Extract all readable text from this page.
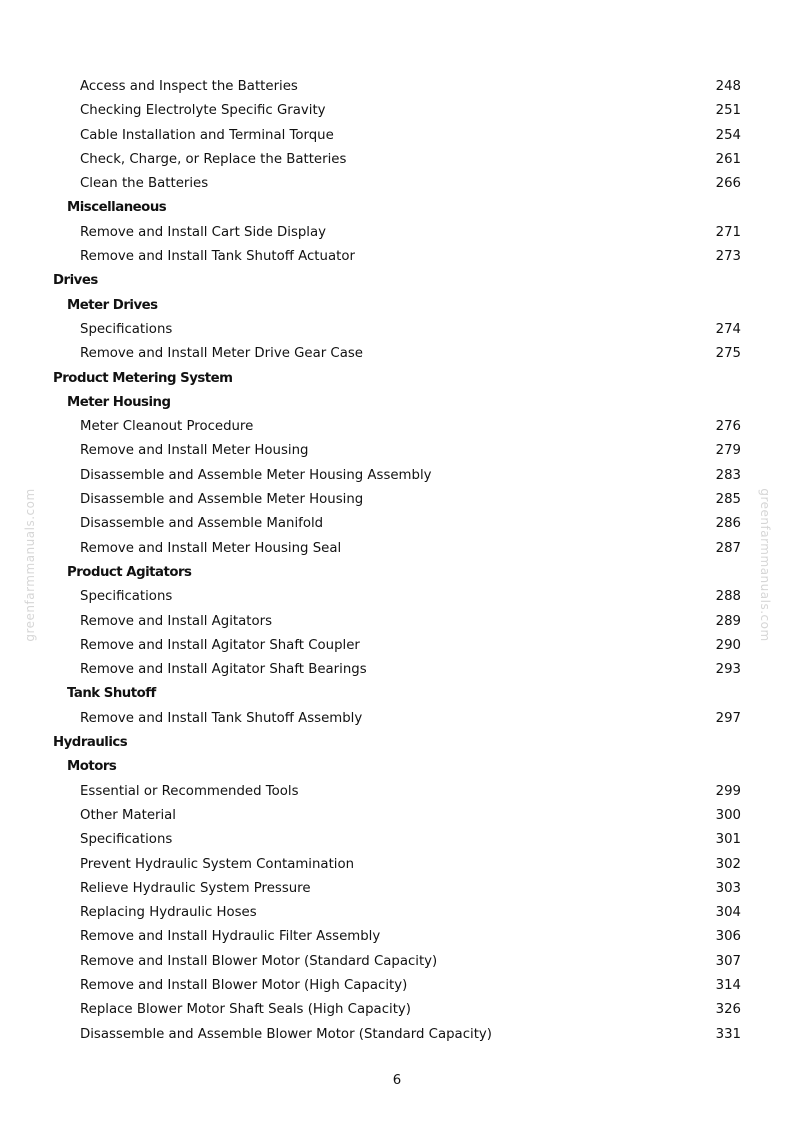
Access and Inspect the Batteries	248
Checking Electrolyte Specific Gravity	251
Cable Installation and Terminal Torque	254
Check, Charge, or Replace the Batteries	261
Clean the Batteries	266
Miscellaneous
Remove and Install Cart Side Display	271
Remove and Install Tank Shutoff Actuator	273
Drives
Meter Drives
Specifications	274
Remove and Install Meter Drive Gear Case	275
Product Metering System
Meter Housing
Meter Cleanout Procedure	276
Remove and Install Meter Housing	279
Disassemble and Assemble Meter Housing Assembly	283
Disassemble and Assemble Meter Housing	285
Disassemble and Assemble Manifold	286
Remove and Install Meter Housing Seal	287
Product Agitators
Specifications	288
Remove and Install Agitators	289
Remove and Install Agitator Shaft Coupler	290
Remove and Install Agitator Shaft Bearings	293
Tank Shutoff
Remove and Install Tank Shutoff Assembly	297
Hydraulics
Motors
Essential or Recommended Tools	299
Other Material	300
Specifications	301
Prevent Hydraulic System Contamination	302
Relieve Hydraulic System Pressure	303
Replacing Hydraulic Hoses	304
Remove and Install Hydraulic Filter Assembly	306
Remove and Install Blower Motor (Standard Capacity)	307
Remove and Install Blower Motor (High Capacity)	314
Replace Blower Motor Shaft Seals (High Capacity)	326
Disassemble and Assemble Blower Motor (Standard Capacity)	331
greenfarmmanuals.com	greenfarmmanuals.com
6
